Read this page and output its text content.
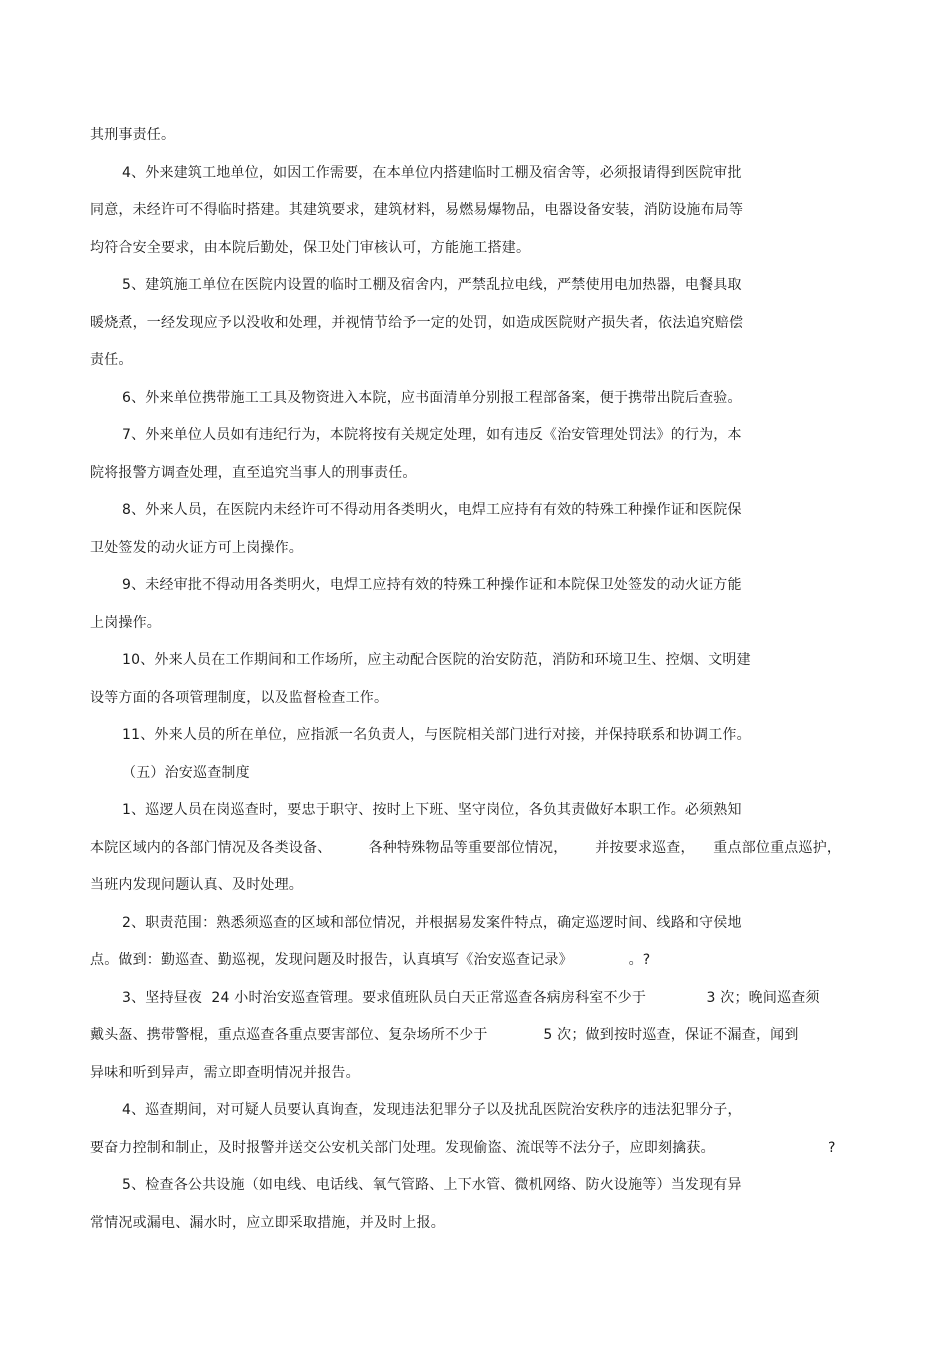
其刑事责任。
4、外来建筑工地单位，如因工作需要，在本单位内搭建临时工棚及宿舍等，必须报请得到医院审批
同意，未经许可不得临时搭建。其建筑要求，建筑材料，易燃易爆物品，电器设备安装，消防设施布局等
均符合安全要求，由本院后勤处，保卫处门审核认可，方能施工搭建。
5、建筑施工单位在医院内设置的临时工棚及宿舍内，严禁乱拉电线，严禁使用电加热器，电餐具取
暖烧煮，一经发现应予以没收和处理，并视情节给予一定的处罚，如造成医院财产损失者，依法追究赔偿
责任。
6、外来单位携带施工工具及物资进入本院，应书面清单分别报工程部备案，便于携带出院后查验。
7、外来单位人员如有违纪行为，本院将按有关规定处理，如有违反《治安管理处罚法》的行为，本
院将报警方调查处理，直至追究当事人的刑事责任。
8、外来人员，在医院内未经许可不得动用各类明火，电焊工应持有有效的特殊工种操作证和医院保
卫处签发的动火证方可上岗操作。
9、未经审批不得动用各类明火，电焊工应持有效的特殊工种操作证和本院保卫处签发的动火证方能
上岗操作。
10、外来人员在工作期间和工作场所，应主动配合医院的治安防范，消防和环境卫生、控烟、文明建
设等方面的各项管理制度，以及监督检查工作。
11、外来人员的所在单位，应指派一名负责人，与医院相关部门进行对接，并保持联系和协调工作。
（五）治安巡查制度
1、巡逻人员在岗巡查时，要忠于职守、按时上下班、坚守岗位，各负其责做好本职工作。必须熟知
本院区域内的各部门情况及各类设备、        各种特殊物品等重要部位情况，      并按要求巡查，    重点部位重点巡护，
当班内发现问题认真、及时处理。
2、职责范围：熟悉须巡查的区域和部位情况，并根据易发案件特点，确定巡逻时间、线路和守侯地
点。做到：勤巡查、勤巡视，发现问题及时报告，认真填写《治安巡查记录》            。?
3、坚持昼夜  24 小时治安巡查管理。要求值班队员白天正常巡查各病房科室不少于             3 次；晚间巡查须
戴头盔、携带警棍，重点巡查各重点要害部位、复杂场所不少于            5 次；做到按时巡查，保证不漏查，闻到
异味和听到异声，需立即查明情况并报告。
4、巡查期间，对可疑人员要认真询查，发现违法犯罪分子以及扰乱医院治安秩序的违法犯罪分子，
要奋力控制和制止，及时报警并送交公安机关部门处理。发现偷盗、流氓等不法分子，应即刻擒获。	?
5、检查各公共设施（如电线、电话线、氧气管路、上下水管、微机网络、防火设施等）当发现有异
常情况或漏电、漏水时，应立即采取措施，并及时上报。
